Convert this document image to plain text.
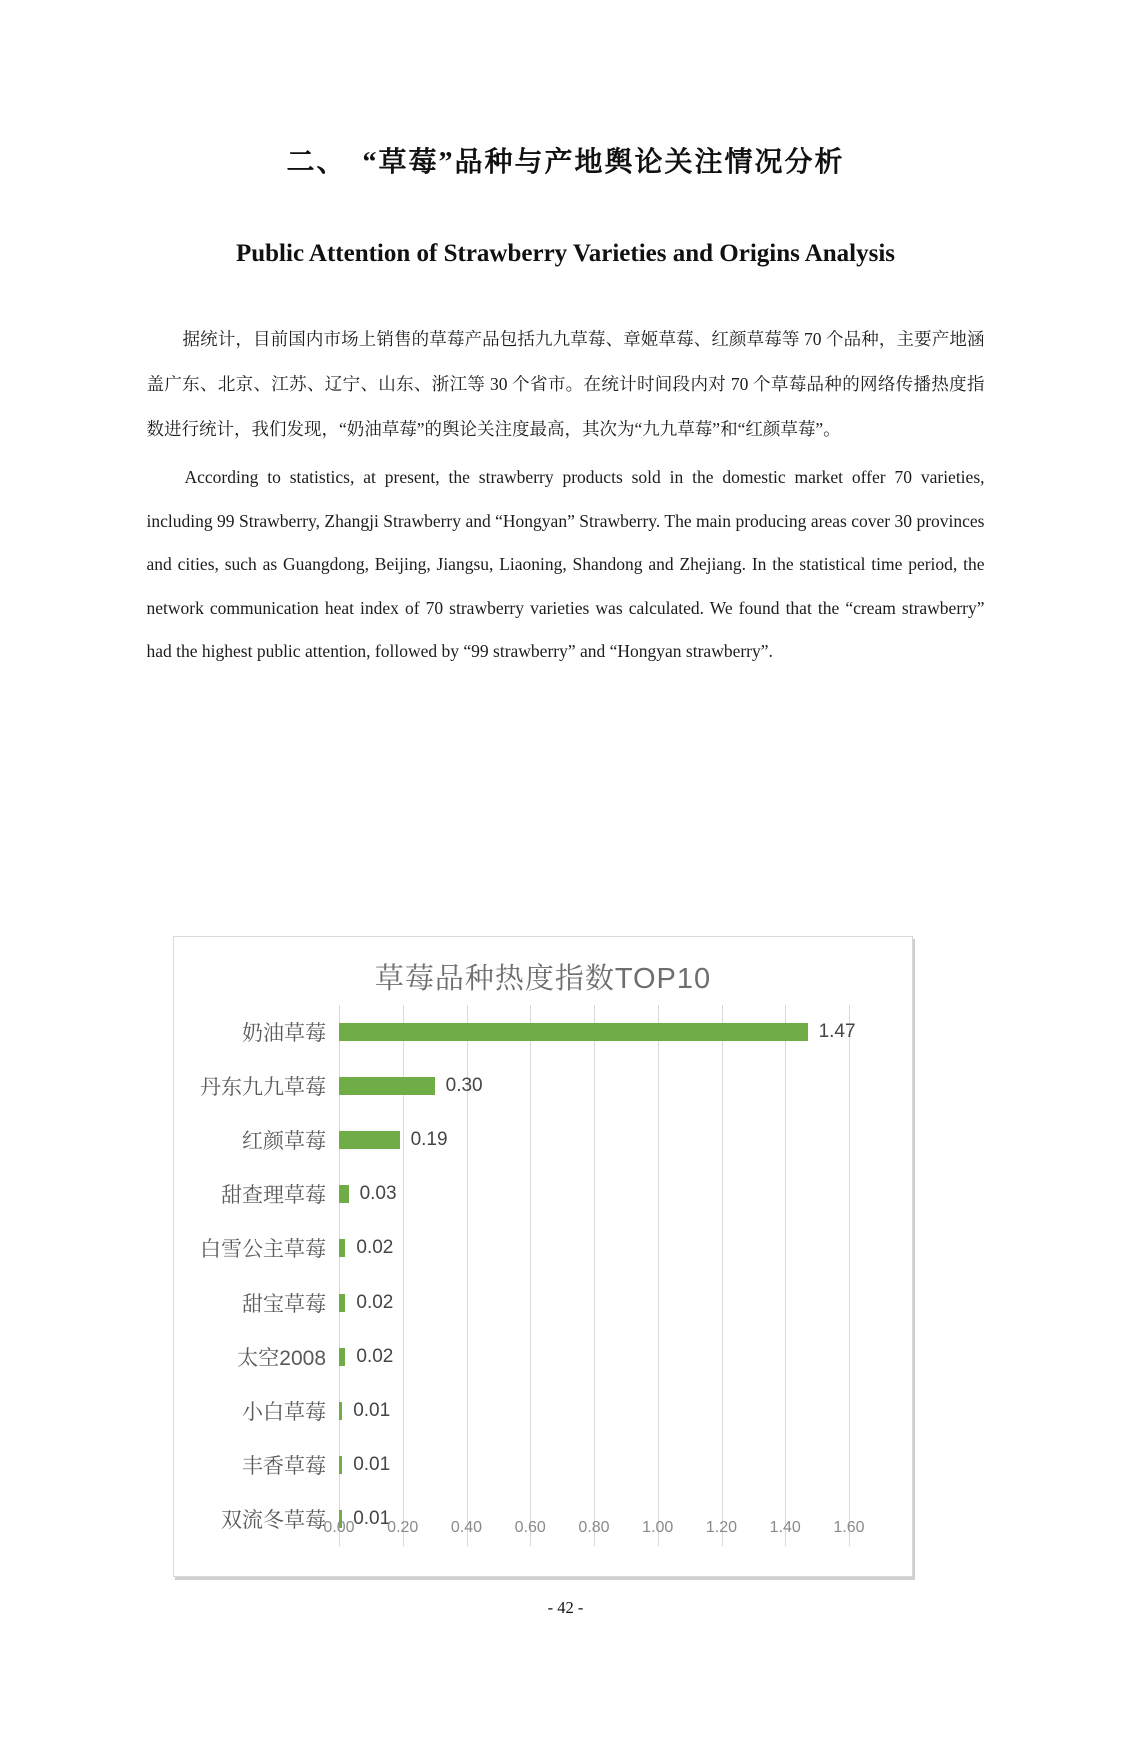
二、　“草莓”品种与产地舆论关注情况分析
Public Attention of Strawberry Varieties and Origins Analysis

据统计，目前国内市场上销售的草莓产品包括九九草莓、章姬草莓、红颜草莓等 70 个品种，主要产地涵盖广东、北京、江苏、辽宁、山东、浙江等 30 个省市。在统计时间段内对 70 个草莓品种的网络传播热度指数进行统计，我们发现，“奶油草莓”的舆论关注度最高，其次为“九九草莓”和“红颜草莓”。

According to statistics, at present, the strawberry products sold in the domestic market offer 70 varieties, including 99 Strawberry, Zhangji Strawberry and “Hongyan” Strawberry. The main producing areas cover 30 provinces and cities, such as Guangdong, Beijing, Jiangsu, Liaoning, Shandong and Zhejiang. In the statistical time period, the network communication heat index of 70 strawberry varieties was calculated. We found that the “cream strawberry” had the highest public attention, followed by “99 strawberry” and “Hongyan strawberry”.

草莓品种热度指数TOP10
奶油草莓	1.47
丹东九九草莓	0.30
红颜草莓	0.19
甜查理草莓	0.03
白雪公主草莓	0.02
甜宝草莓	0.02
太空2008	0.02
小白草莓	0.01
丰香草莓	0.01
双流冬草莓	0.01
0.00 0.20 0.40 0.60 0.80 1.00 1.20 1.40 1.60
- 42 -
